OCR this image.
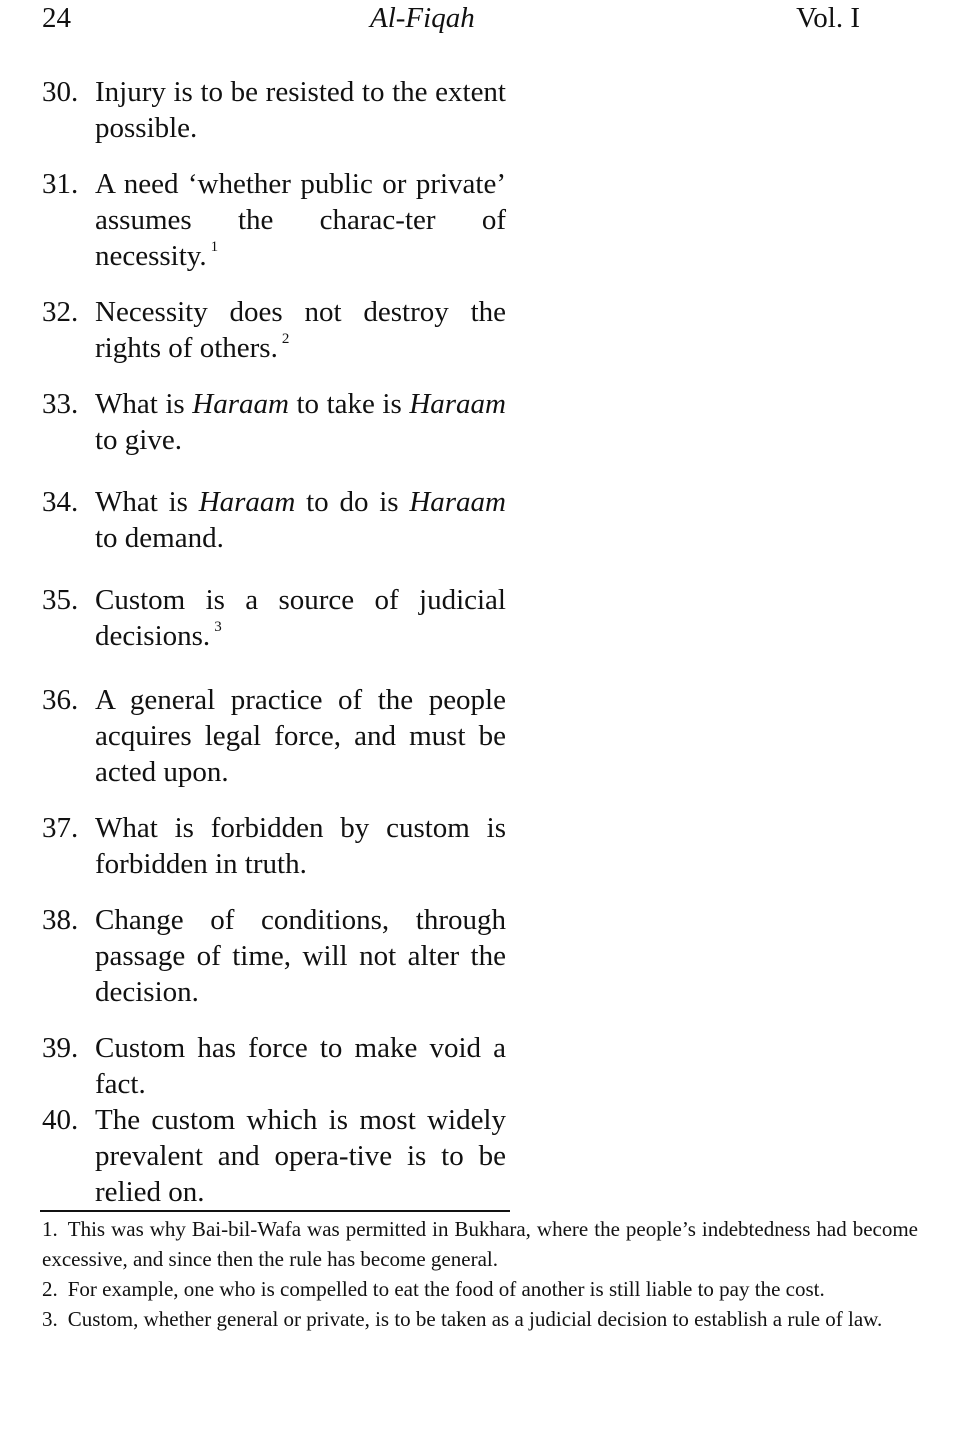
24	Al-Fiqah	Vol. I
30. Injury is to be resisted to the extent possible.
31. A need ‘whether public or private’ assumes the charac-ter of necessity. $^1$
32. Necessity does not destroy the rights of others. $^2$
33. What is Haraam to take is Haraam to give.
34. What is Haraam to do is Haraam to demand.
35. Custom is a source of judicial decisions. $^3$
36. A general practice of the people acquires legal force, and must be acted upon.
37. What is forbidden by custom is forbidden in truth.
38. Change of conditions, through passage of time, will not alter the decision.
39. Custom has force to make void a fact.
40. The custom which is most widely prevalent and opera-tive is to be relied on.
1. This was why Bai-bil-Wafa was permitted in Bukhara, where the people’s indebtedness had become excessive, and since then the rule has become general.
2. For example, one who is compelled to eat the food of another is still liable to pay the cost.
3. Custom, whether general or private, is to be taken as a judicial decision to establish a rule of law.
